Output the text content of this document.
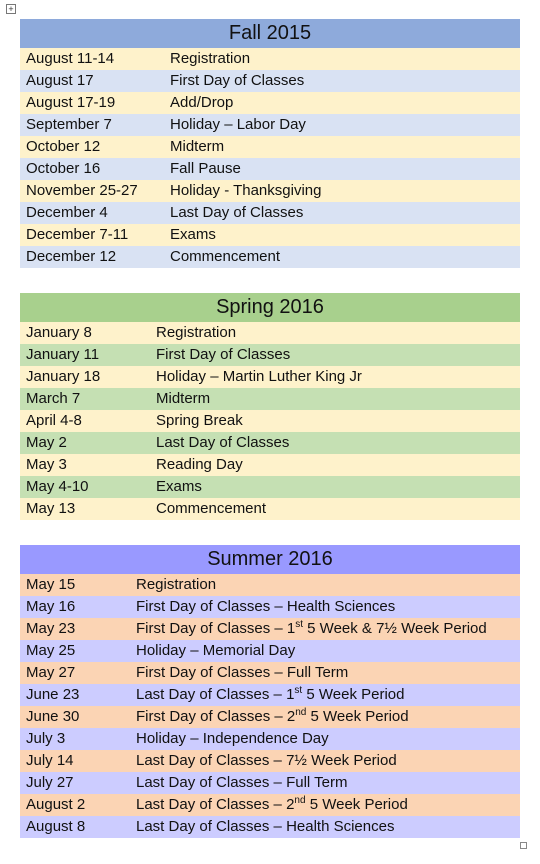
+
Fall 2015
August 11-14	Registration
August 17	First Day of Classes
August 17-19	Add/Drop
September 7	Holiday – Labor Day
October 12	Midterm
October 16	Fall Pause
November 25-27 Holiday - Thanksgiving
December 4	Last Day of Classes
December 7-11	Exams
December 12	Commencement
Spring 2016
January 8	Registration
January 11	First Day of Classes
January 18	Holiday – Martin Luther King Jr
March 7	Midterm
April 4-8	Spring Break
May 2	Last Day of Classes
May 3	Reading Day
May 4-10	Exams
May 13	Commencement
Summer 2016
May 15	Registration
May 16	First Day of Classes – Health Sciences
May 23	First Day of Classes – 1st 5 Week & 7½ Week Period
May 25	Holiday – Memorial Day
May 27	First Day of Classes – Full Term
June 23	Last Day of Classes – 1st 5 Week Period
June 30	First Day of Classes – 2nd 5 Week Period
July 3	Holiday – Independence Day
July 14	Last Day of Classes – 7½ Week Period
July 27	Last Day of Classes – Full Term
August 2	Last Day of Classes – 2nd 5 Week Period
August 8	Last Day of Classes – Health Sciences
